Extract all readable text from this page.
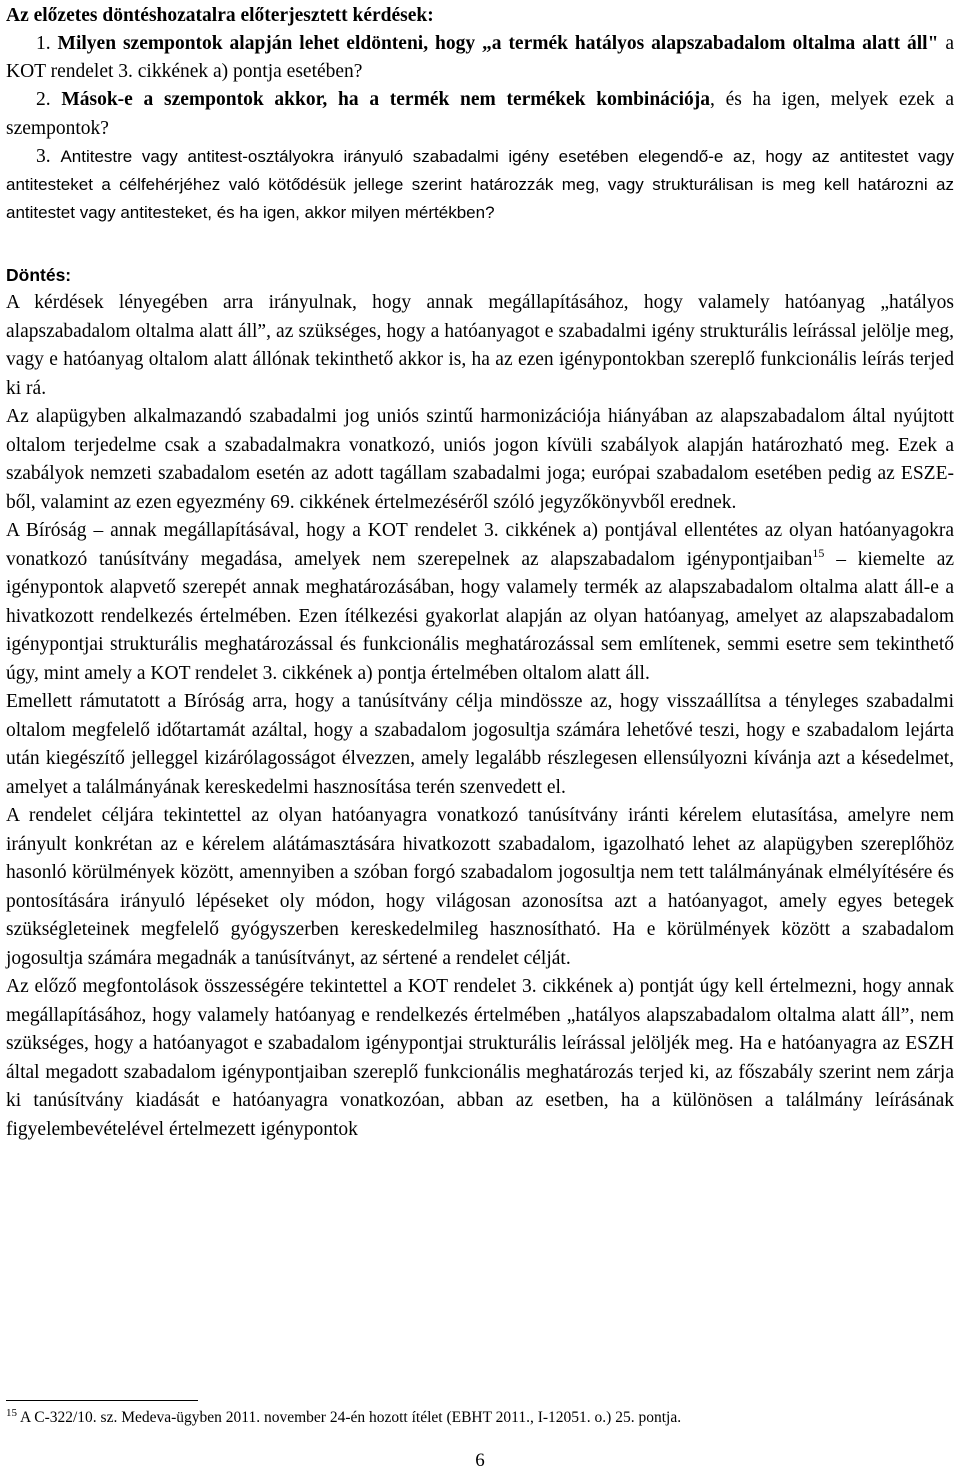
Az előzetes döntéshozatalra előterjesztett kérdések:

1. Milyen szempontok alapján lehet eldönteni, hogy „a termék hatályos alapszabadalom oltalma alatt áll" a KOT rendelet 3. cikkének a) pontja esetében?

2. Mások-e a szempontok akkor, ha a termék nem termékek kombinációja, és ha igen, melyek ezek a szempontok?

3. Antitestre vagy antitest-osztályokra irányuló szabadalmi igény esetében elegendő-e az, hogy az antitestet vagy antitesteket a célfehérjéhez való kötődésük jellege szerint határozzák meg, vagy strukturálisan is meg kell határozni az antitestet vagy antitesteket, és ha igen, akkor milyen mértékben?

Döntés:

A kérdések lényegében arra irányulnak, hogy annak megállapításához, hogy valamely hatóanyag „hatályos alapszabadalom oltalma alatt áll”, az szükséges, hogy a hatóanyagot e szabadalmi igény strukturális leírással jelölje meg, vagy e hatóanyag oltalom alatt állónak tekinthető akkor is, ha az ezen igénypontokban szereplő funkcionális leírás terjed ki rá.

Az alapügyben alkalmazandó szabadalmi jog uniós szintű harmonizációja hiányában az alapszabadalom által nyújtott oltalom terjedelme csak a szabadalmakra vonatkozó, uniós jogon kívüli szabályok alapján határozható meg. Ezek a szabályok nemzeti szabadalom esetén az adott tagállam szabadalmi joga; európai szabadalom esetében pedig az ESZE-ből, valamint az ezen egyezmény 69. cikkének értelmezéséről szóló jegyzőkönyvből erednek.

A Bíróság – annak megállapításával, hogy a KOT rendelet 3. cikkének a) pontjával ellentétes az olyan hatóanyagokra vonatkozó tanúsítvány megadása, amelyek nem szerepelnek az alapszabadalom igénypontjaiban$^{15}$ – kiemelte az igénypontok alapvető szerepét annak meghatározásában, hogy valamely termék az alapszabadalom oltalma alatt áll-e a hivatkozott rendelkezés értelmében. Ezen ítélkezési gyakorlat alapján az olyan hatóanyag, amelyet az alapszabadalom igénypontjai strukturális meghatározással és funkcionális meghatározással sem említenek, semmi esetre sem tekinthető úgy, mint amely a KOT rendelet 3. cikkének a) pontja értelmében oltalom alatt áll.

Emellett rámutatott a Bíróság arra, hogy a tanúsítvány célja mindössze az, hogy visszaállítsa a tényleges szabadalmi oltalom megfelelő időtartamát azáltal, hogy a szabadalom jogosultja számára lehetővé teszi, hogy e szabadalom lejárta után kiegészítő jelleggel kizárólagosságot élvezzen, amely legalább részlegesen ellensúlyozni kívánja azt a késedelmet, amelyet a találmányának kereskedelmi hasznosítása terén szenvedett el.

A rendelet céljára tekintettel az olyan hatóanyagra vonatkozó tanúsítvány iránti kérelem elutasítása, amelyre nem irányult konkrétan az e kérelem alátámasztására hivatkozott szabadalom, igazolható lehet az alapügyben szereplőhöz hasonló körülmények között, amennyiben a szóban forgó szabadalom jogosultja nem tett találmányának elmélyítésére és pontosítására irányuló lépéseket oly módon, hogy világosan azonosítsa azt a hatóanyagot, amely egyes betegek szükségleteinek megfelelő gyógyszerben kereskedelmileg hasznosítható. Ha e körülmények között a szabadalom jogosultja számára megadnák a tanúsítványt, az sértené a rendelet célját.

Az előző megfontolások összességére tekintettel a KOT rendelet 3. cikkének a) pontját úgy kell értelmezni, hogy annak megállapításához, hogy valamely hatóanyag e rendelkezés értelmében „hatályos alapszabadalom oltalma alatt áll”, nem szükséges, hogy a hatóanyagot e szabadalom igénypontjai strukturális leírással jelöljék meg. Ha e hatóanyagra az ESZH által megadott szabadalom igénypontjaiban szereplő funkcionális meghatározás terjed ki, az főszabály szerint nem zárja ki tanúsítvány kiadását e hatóanyagra vonatkozóan, abban az esetben, ha a különösen a találmány leírásának figyelembevételével értelmezett igénypontok

$^{15}$ A C-322/10. sz. Medeva-ügyben 2011. november 24-én hozott ítélet (EBHT 2011., I-12051. o.) 25. pontja.
6
